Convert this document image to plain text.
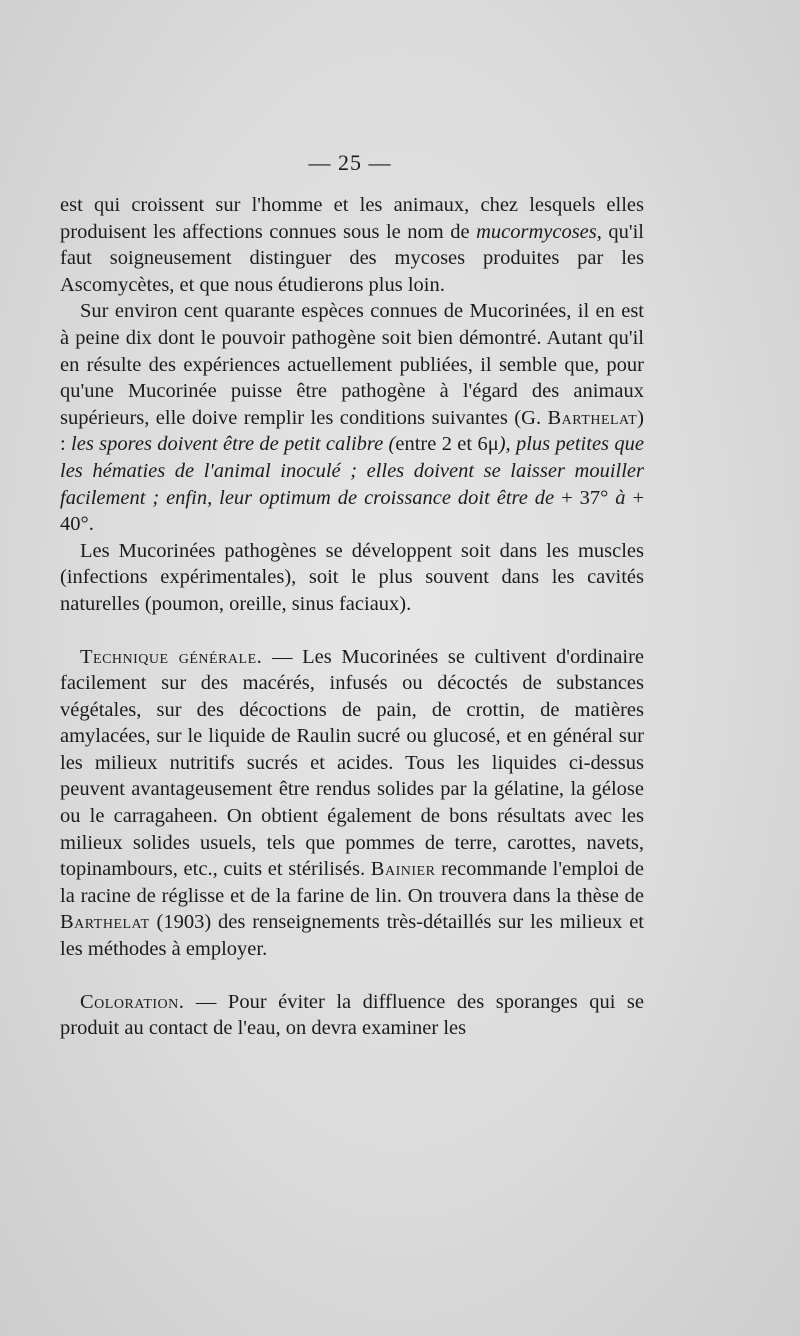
— 25 —

est qui croissent sur l'homme et les animaux, chez lesquels elles produisent les affections connues sous le nom de mucormycoses, qu'il faut soigneusement distinguer des mycoses produites par les Ascomycètes, et que nous étudierons plus loin.

Sur environ cent quarante espèces connues de Mucorinées, il en est à peine dix dont le pouvoir pathogène soit bien démontré. Autant qu'il en résulte des expériences actuellement publiées, il semble que, pour qu'une Mucorinée puisse être pathogène à l'égard des animaux supérieurs, elle doive remplir les conditions suivantes (G. Barthelat) : les spores doivent être de petit calibre (entre 2 et 6μ), plus petites que les hématies de l'animal inoculé ; elles doivent se laisser mouiller facilement ; enfin, leur optimum de croissance doit être de + 37° à + 40°.

Les Mucorinées pathogènes se développent soit dans les muscles (infections expérimentales), soit le plus souvent dans les cavités naturelles (poumon, oreille, sinus faciaux).

Technique générale. — Les Mucorinées se cultivent d'ordinaire facilement sur des macérés, infusés ou décoctés de substances végétales, sur des décoctions de pain, de crottin, de matières amylacées, sur le liquide de Raulin sucré ou glucosé, et en général sur les milieux nutritifs sucrés et acides. Tous les liquides ci-dessus peuvent avantageusement être rendus solides par la gélatine, la gélose ou le carragaheen. On obtient également de bons résultats avec les milieux solides usuels, tels que pommes de terre, carottes, navets, topinambours, etc., cuits et stérilisés. Bainier recommande l'emploi de la racine de réglisse et de la farine de lin. On trouvera dans la thèse de Barthelat (1903) des renseignements très-détaillés sur les milieux et les méthodes à employer.

Coloration. — Pour éviter la diffluence des sporanges qui se produit au contact de l'eau, on devra examiner les
